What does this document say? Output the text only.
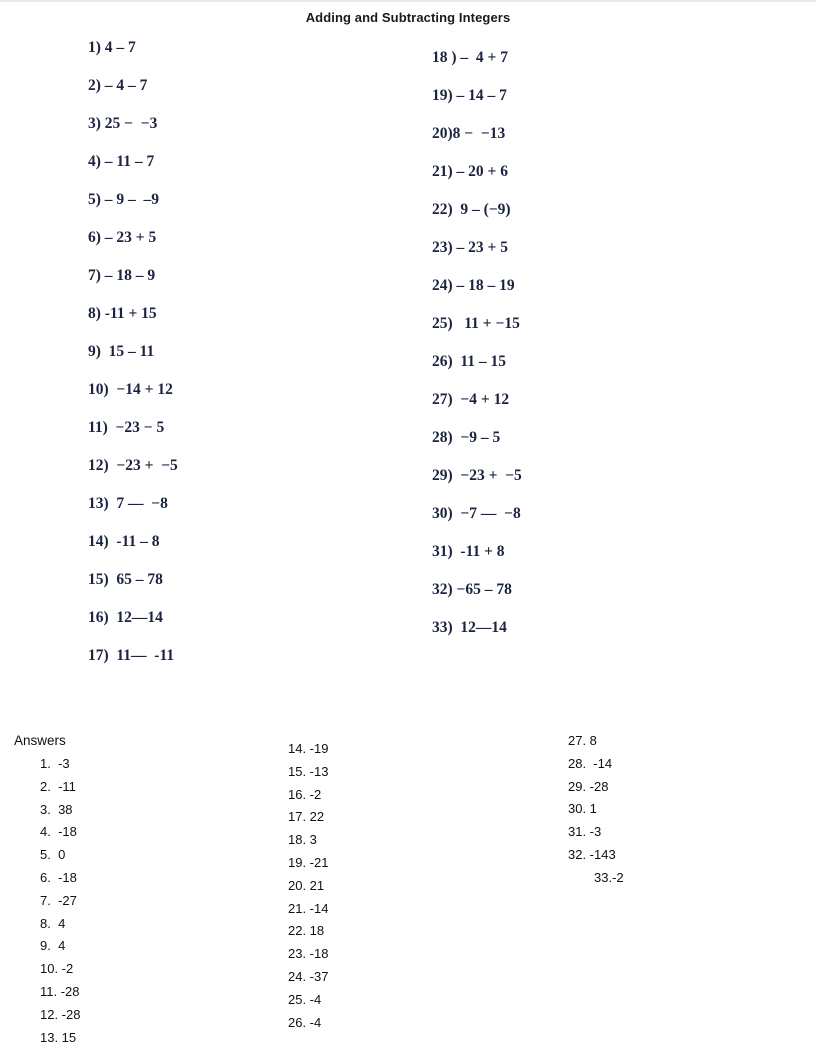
Adding and Subtracting Integers
1) 4 – 7
2) – 4 – 7
3) 25 −  −3
4) – 11 – 7
5) – 9 –  –9
6) – 23 + 5
7) – 18 – 9
8) -11 + 15
9)  15 – 11
10)  −14 + 12
11)  −23 − 5
12)  −23 +  −5
13)  7 —  −8
14)  -11 – 8
15)  65 – 78
16)  12—14
17)  11—  -11
18 ) –  4 + 7
19) – 14 – 7
20)8 −  −13
21) – 20 + 6
22)  9 – (−9)
23) – 23 + 5
24) – 18 – 19
25)   11 + −15
26)  11 – 15
27)  −4 + 12
28)  −9 – 5
29)  −23 +  −5
30)  −7 —  −8
31)  -11 + 8
32) −65 – 78
33)  12—14
Answers
1.  -3
2.  -11
3.  38
4.  -18
5.  0
6.  -18
7.  -27
8.  4
9.  4
10. -2
11. -28
12. -28
13. 15
14. -19
15. -13
16. -2
17. 22
18. 3
19. -21
20. 21
21. -14
22. 18
23. -18
24. -37
25. -4
26. -4
27. 8
28.  -14
29. -28
30. 1
31. -3
32. -143
33.-2
